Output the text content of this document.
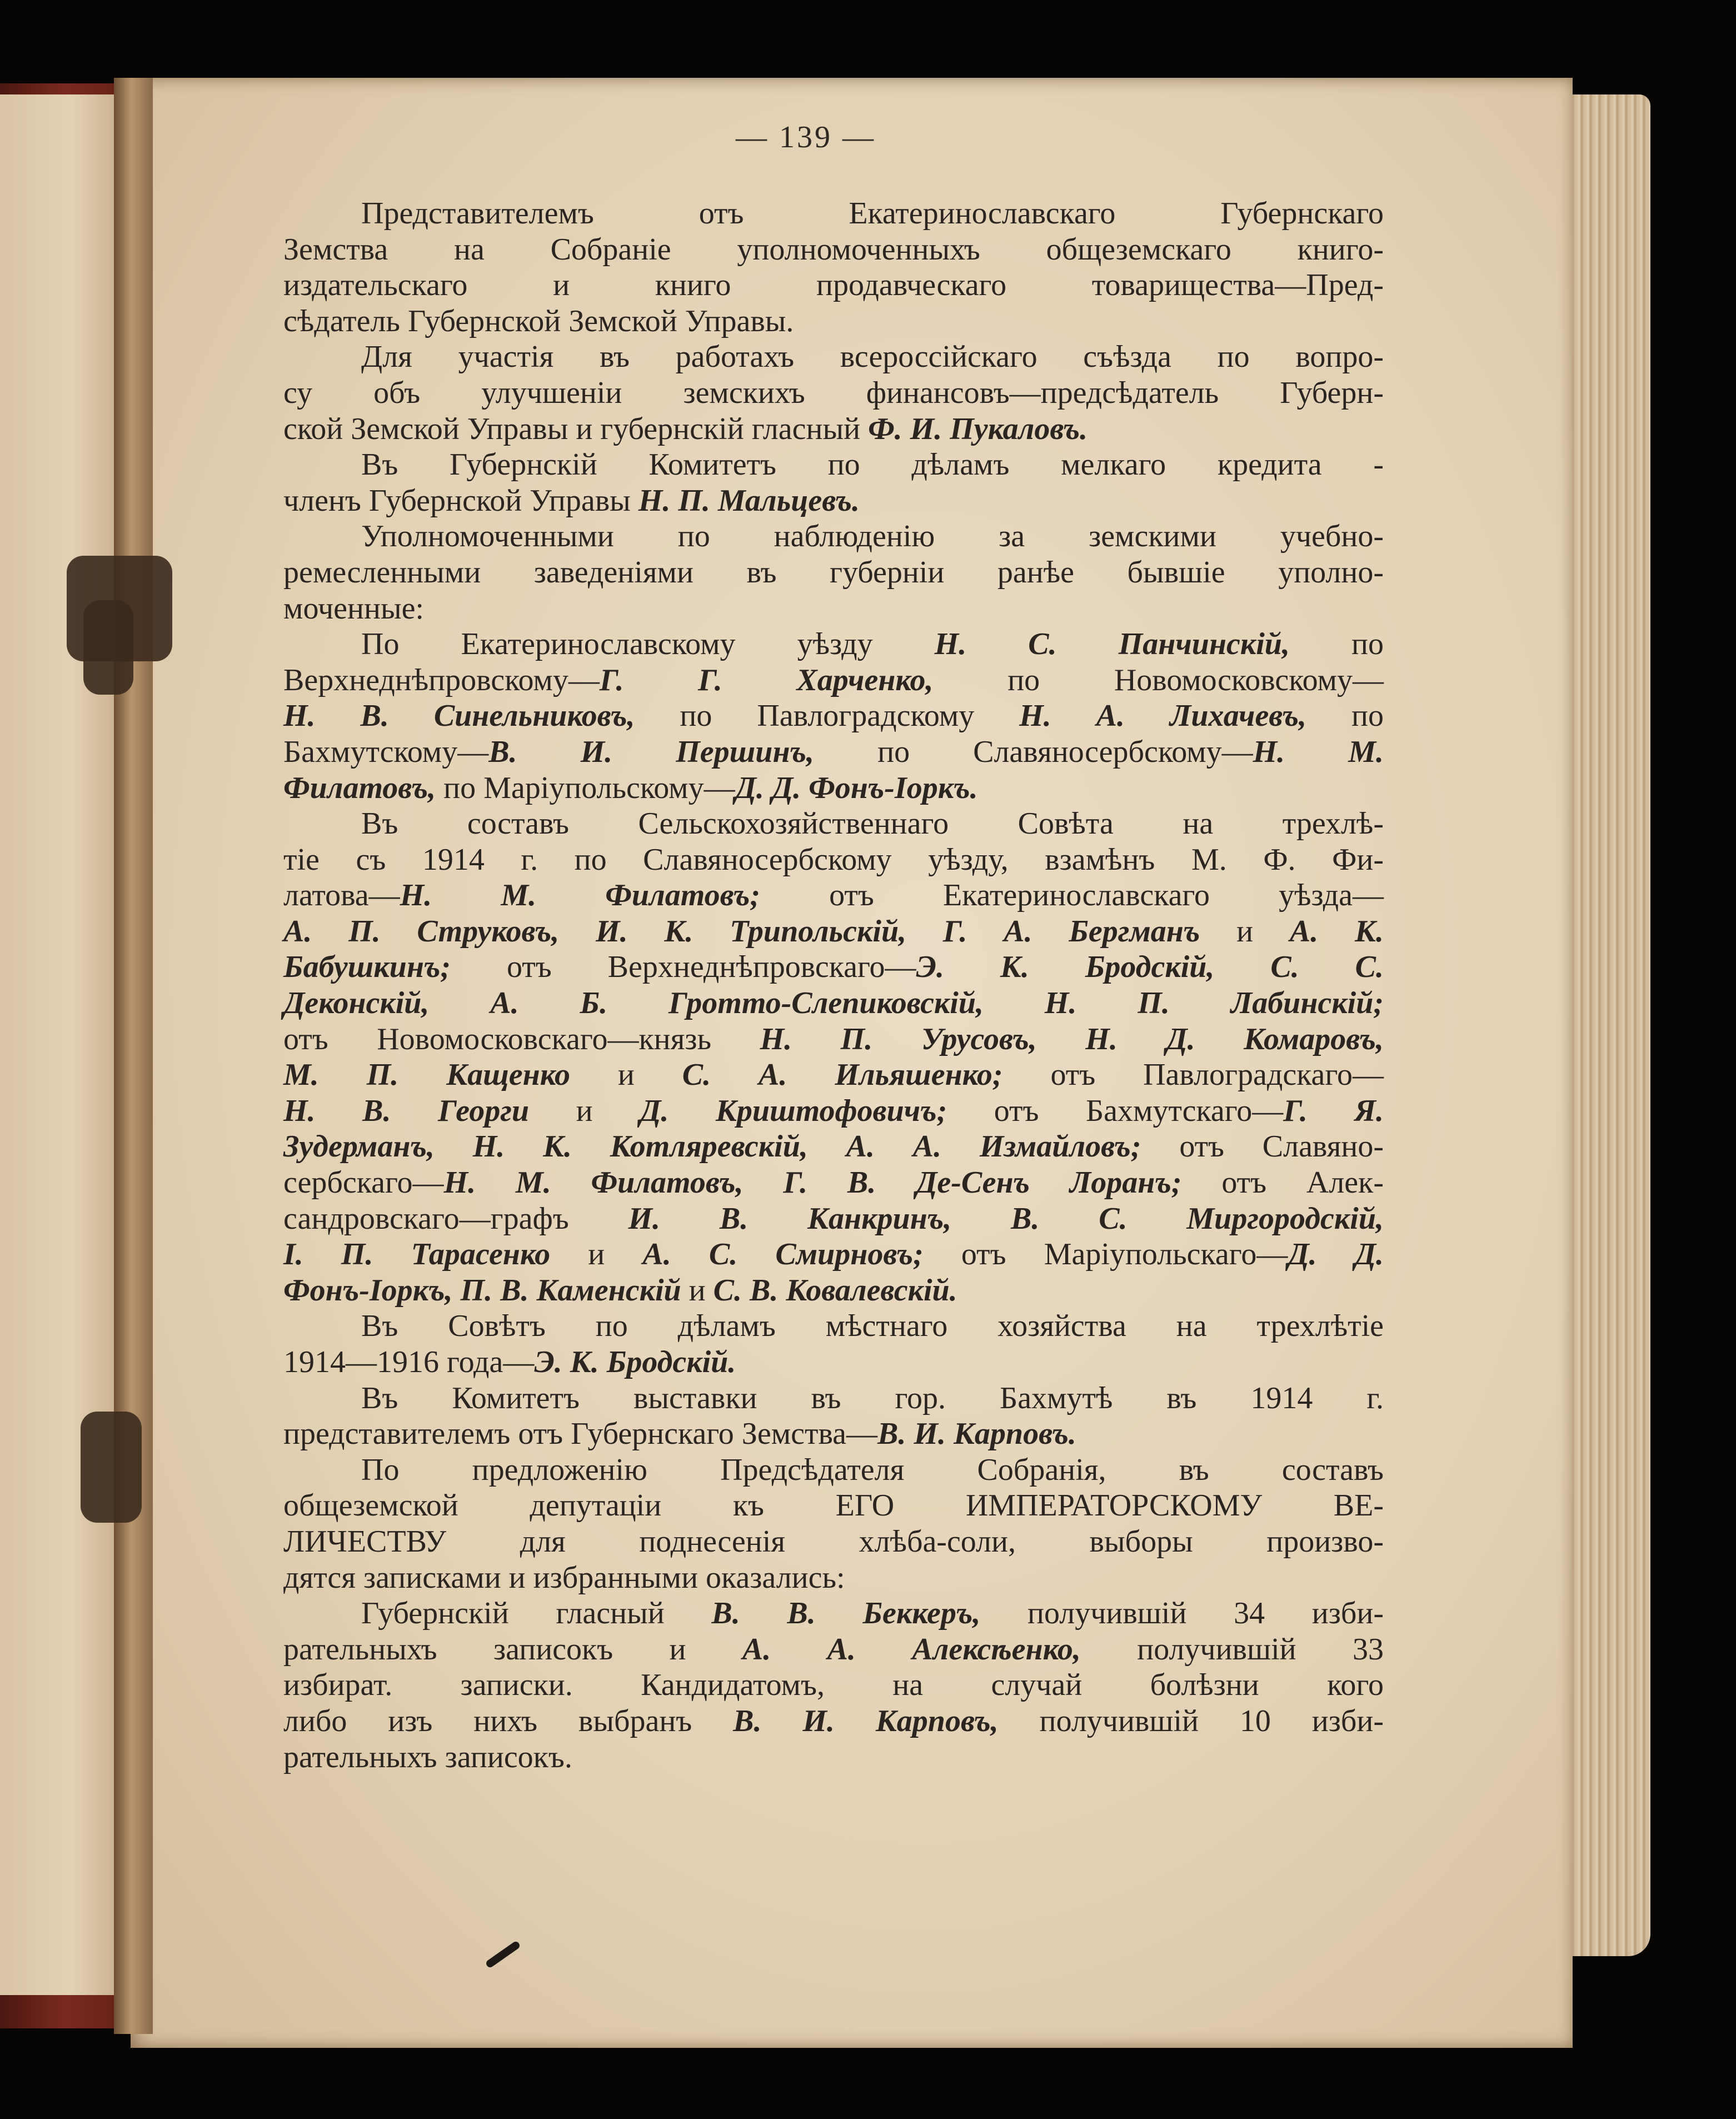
— 139 —
Представителемъ отъ Екатеринославскаго Губернскаго
Земства на Собраніе уполномоченныхъ общеземскаго книго-
издательскаго и книго продавческаго товарищества—Пред-
сѣдатель Губернской Земской Управы.
Для участія въ работахъ всероссійскаго съѣзда по вопро-
су объ улучшеніи земскихъ финансовъ—предсѣдатель Губерн-
ской Земской Управы и губернскій гласный Ф. И. Пукаловъ.
Въ Губернскій Комитетъ по дѣламъ мелкаго кредита -
членъ Губернской Управы Н. П. Мальцевъ.
Уполномоченными по наблюденію за земскими учебно-
ремесленными заведеніями въ губерніи ранѣе бывшіе уполно-
моченные:
По Екатеринославскому уѣзду Н. С. Панчинскій, по
Верхнеднѣпровскому—Г. Г. Харченко, по Новомосковскому—
Н. В. Синельниковъ, по Павлоградскому Н. А. Лихачевъ, по
Бахмутскому—В. И. Першинъ, по Славяносербскому—Н. М.
Филатовъ, по Маріупольскому—Д. Д. Фонъ-Іоркъ.
Въ составъ Сельскохозяйственнаго Совѣта на трехлѣ-
тіе съ 1914 г. по Славяносербскому уѣзду, взамѣнъ М. Ф. Фи-
латова—Н. М. Филатовъ; отъ Екатеринославскаго уѣзда—
А. П. Струковъ, И. К. Трипольскій, Г. А. Бергманъ и А. К.
Бабушкинъ; отъ Верхнеднѣпровскаго—Э. К. Бродскій, С. С.
Деконскій, А. Б. Гротто-Слепиковскій, Н. П. Лабинскій;
отъ Новомосковскаго—князь Н. П. Урусовъ, Н. Д. Комаровъ,
М. П. Кащенко и С. А. Ильяшенко; отъ Павлоградскаго—
Н. В. Георги и Д. Криштофовичъ; отъ Бахмутскаго—Г. Я.
Зудерманъ, Н. К. Котляревскій, А. А. Измайловъ; отъ Славяно-
сербскаго—Н. М. Филатовъ, Г. В. Де-Сенъ Лоранъ; отъ Алек-
сандровскаго—графъ И. В. Канкринъ, В. С. Миргородскій,
І. П. Тарасенко и А. С. Смирновъ; отъ Маріупольскаго—Д. Д.
Фонъ-Іоркъ, П. В. Каменскій и С. В. Ковалевскій.
Въ Совѣтъ по дѣламъ мѣстнаго хозяйства на трехлѣтіе
1914—1916 года—Э. К. Бродскій.
Въ Комитетъ выставки въ гор. Бахмутѣ въ 1914 г.
представителемъ отъ Губернскаго Земства—В. И. Карповъ.
По предложенію Предсѣдателя Собранія, въ составъ
общеземской депутаціи къ ЕГО ИМПЕРАТОРСКОМУ ВЕ-
ЛИЧЕСТВУ для поднесенія хлѣба-соли, выборы произво-
дятся записками и избранными оказались:
Губернскій гласный В. В. Беккеръ, получившій 34 изби-
рательныхъ записокъ и А. А. Алексѣенко, получившій 33
избират. записки. Кандидатомъ, на случай болѣзни кого
либо изъ нихъ выбранъ В. И. Карповъ, получившій 10 изби-
рательныхъ записокъ.
